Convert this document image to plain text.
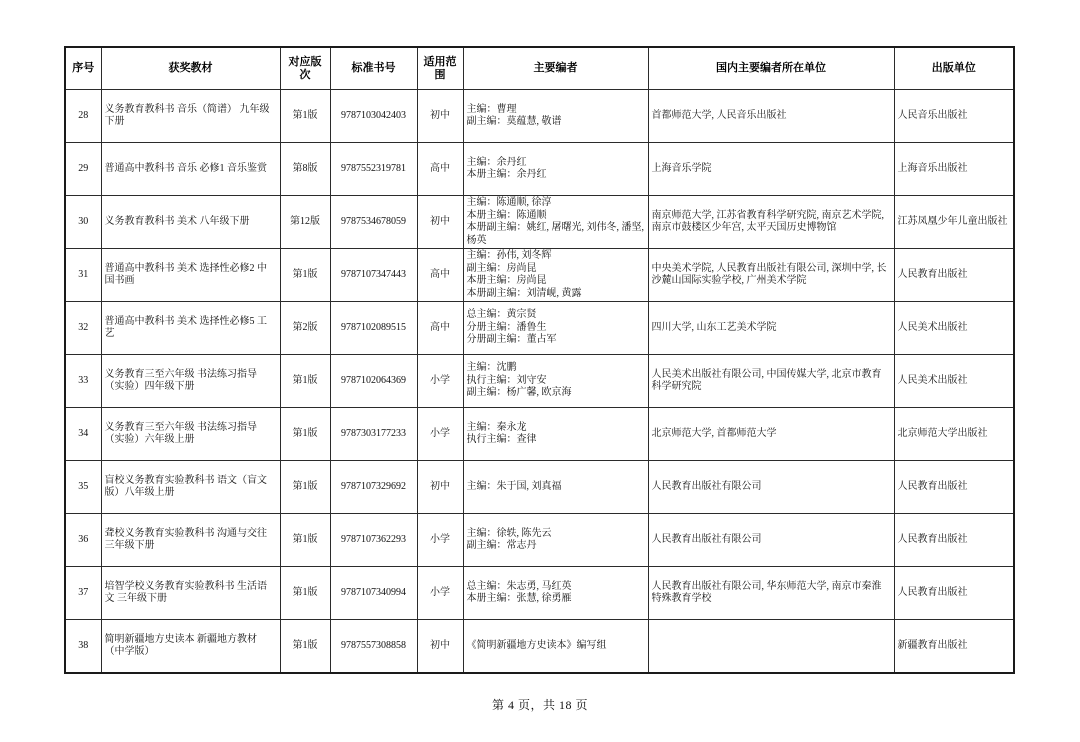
序号	获奖教材	对应版次	标准书号	适用范围	主要编者	国内主要编者所在单位	出版单位
28	义务教育教科书 音乐（简谱） 九年级下册	第1版	9787103042403	初中	主编：曹理
副主编：莫蕴慧, 敬谱	首都师范大学, 人民音乐出版社	人民音乐出版社
29	普通高中教科书 音乐 必修1 音乐鉴赏	第8版	9787552319781	高中	主编：余丹红
本册主编：余丹红	上海音乐学院	上海音乐出版社
30	义务教育教科书 美术 八年级下册	第12版	9787534678059	初中	主编：陈通顺, 徐淳
本册主编：陈通顺
本册副主编：姚红, 屠曙光, 刘伟冬, 潘坚, 杨英	南京师范大学, 江苏省教育科学研究院, 南京艺术学院, 南京市鼓楼区少年宫, 太平天国历史博物馆	江苏凤凰少年儿童出版社
31	普通高中教科书 美术 选择性必修2 中国书画	第1版	9787107347443	高中	主编：孙伟, 刘冬辉
副主编：房尚昆
本册主编：房尚昆
本册副主编：刘清岘, 黄露	中央美术学院, 人民教育出版社有限公司, 深圳中学, 长沙麓山国际实验学校, 广州美术学院	人民教育出版社
32	普通高中教科书 美术 选择性必修5 工艺	第2版	9787102089515	高中	总主编：黄宗贤
分册主编：潘鲁生
分册副主编：董占军	四川大学, 山东工艺美术学院	人民美术出版社
33	义务教育三至六年级 书法练习指导（实验）四年级下册	第1版	9787102064369	小学	主编：沈鹏
执行主编：刘守安
副主编：杨广馨, 欧京海	人民美术出版社有限公司, 中国传媒大学, 北京市教育科学研究院	人民美术出版社
34	义务教育三至六年级 书法练习指导（实验）六年级上册	第1版	9787303177233	小学	主编：秦永龙
执行主编：查律	北京师范大学, 首都师范大学	北京师范大学出版社
35	盲校义务教育实验教科书 语文（盲文版）八年级上册	第1版	9787107329692	初中	主编：朱于国, 刘真福	人民教育出版社有限公司	人民教育出版社
36	聋校义务教育实验教科书 沟通与交往 三年级下册	第1版	9787107362293	小学	主编：徐轶, 陈先云
副主编：常志丹	人民教育出版社有限公司	人民教育出版社
37	培智学校义务教育实验教科书 生活语文 三年级下册	第1版	9787107340994	小学	总主编：朱志勇, 马红英
本册主编：张慧, 徐勇雁	人民教育出版社有限公司, 华东师范大学, 南京市秦淮特殊教育学校	人民教育出版社
38	简明新疆地方史读本 新疆地方教材（中学版）	第1版	9787557308858	初中	《简明新疆地方史读本》编写组		新疆教育出版社
第 4 页，共 18 页
